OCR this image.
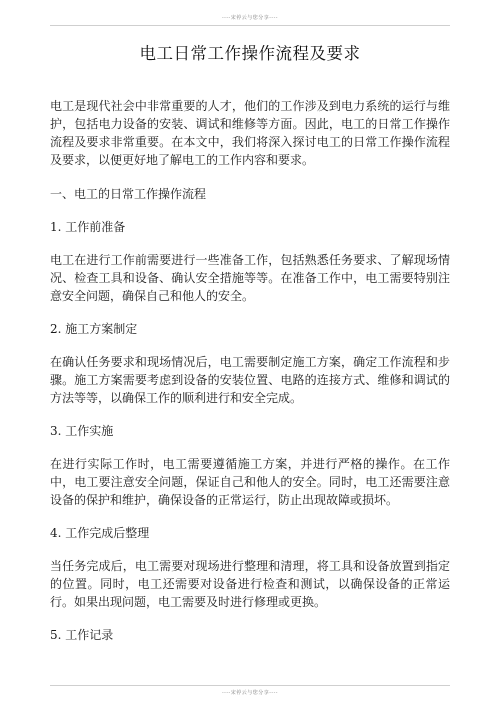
----宋停云与您分享----
电工日常工作操作流程及要求

电工是现代社会中非常重要的人才，他们的工作涉及到电力系统的运行与维护，包括电力设备的安装、调试和维修等方面。因此，电工的日常工作操作流程及要求非常重要。在本文中，我们将深入探讨电工的日常工作操作流程及要求，以便更好地了解电工的工作内容和要求。

一、电工的日常工作操作流程

1. 工作前准备

电工在进行工作前需要进行一些准备工作，包括熟悉任务要求、了解现场情况、检查工具和设备、确认安全措施等等。在准备工作中，电工需要特别注意安全问题，确保自己和他人的安全。

2. 施工方案制定

在确认任务要求和现场情况后，电工需要制定施工方案，确定工作流程和步骤。施工方案需要考虑到设备的安装位置、电路的连接方式、维修和调试的方法等等，以确保工作的顺利进行和安全完成。

3. 工作实施

在进行实际工作时，电工需要遵循施工方案，并进行严格的操作。在工作中，电工要注意安全问题，保证自己和他人的安全。同时，电工还需要注意设备的保护和维护，确保设备的正常运行，防止出现故障或损坏。

4. 工作完成后整理

当任务完成后，电工需要对现场进行整理和清理，将工具和设备放置到指定的位置。同时，电工还需要对设备进行检查和测试，以确保设备的正常运行。如果出现问题，电工需要及时进行修理或更换。

5. 工作记录

----宋停云与您分享----
